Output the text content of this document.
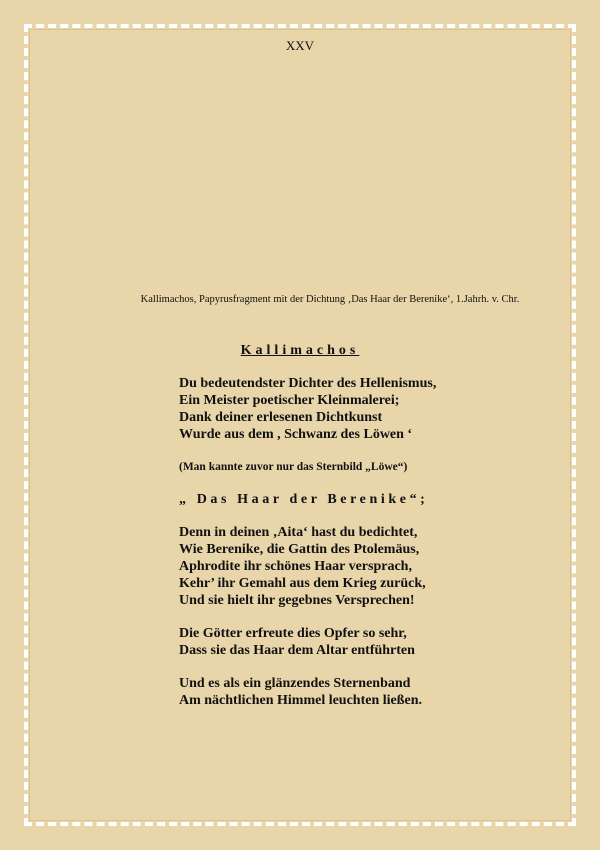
XXV
Kallimachos, Papyrusfragment mit der Dichtung ‚Das Haar der Berenike‘, 1.Jahrh. v. Chr.
Kallimachos
Du bedeutendster Dichter des Hellenismus,
Ein Meister poetischer Kleinmalerei;
Dank deiner erlesenen Dichtkunst
Wurde aus dem , Schwanz des Löwen ‘
(Man kannte zuvor nur das Sternbild „Löwe“)
„ Das Haar der Berenike“;
Denn in deinen ‚Aita‘ hast du bedichtet,
Wie Berenike, die Gattin des Ptolemäus,
Aphrodite ihr schönes Haar versprach,
Kehr’ ihr Gemahl aus dem Krieg zurück,
Und sie hielt ihr gegebnes Versprechen!
Die Götter erfreute dies Opfer so sehr,
Dass sie das Haar dem Altar entführten
Und es als ein glänzendes Sternenband
Am nächtlichen Himmel leuchten ließen.
